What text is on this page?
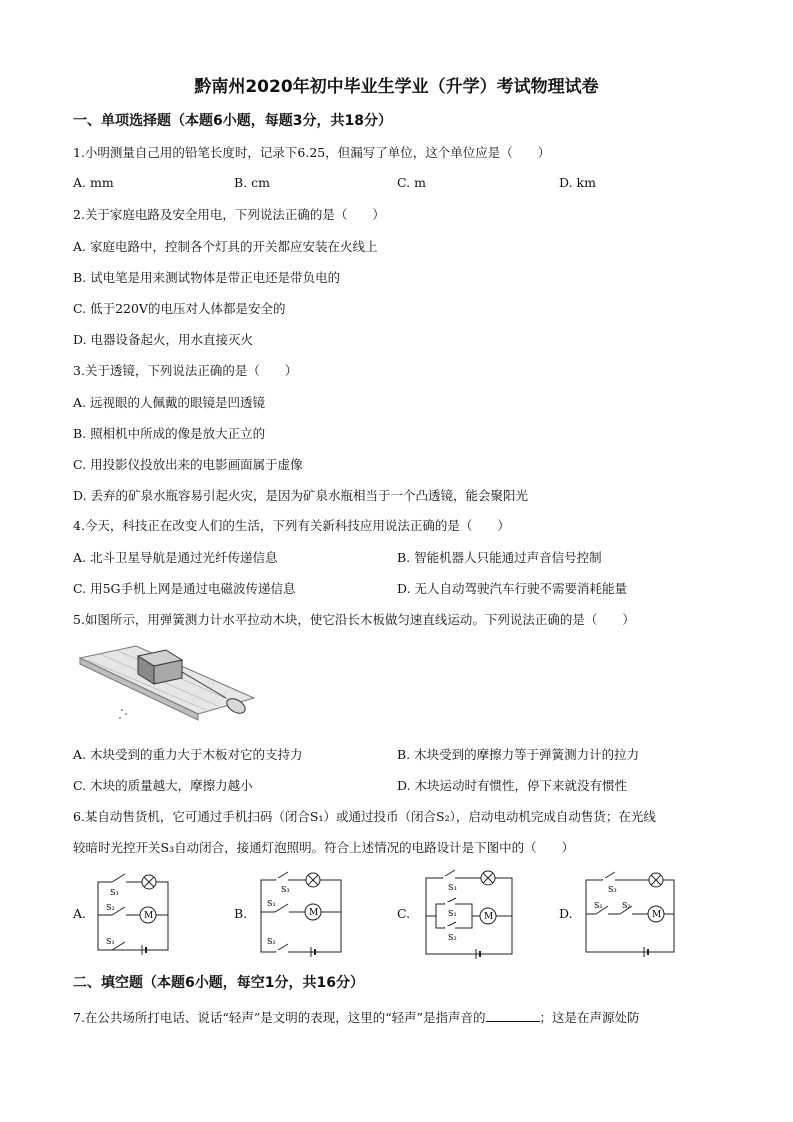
黔南州2020年初中毕业生学业（升学）考试物理试卷
一、单项选择题（本题6小题，每题3分，共18分）
1.小明测量自己用的铅笔长度时，记录下6.25，但漏写了单位，这个单位应是（　　）
A. mm	B. cm	C. m	D. km
2.关于家庭电路及安全用电，下列说法正确的是（　　）
A. 家庭电路中，控制各个灯具的开关都应安装在火线上
B. 试电笔是用来测试物体是带正电还是带负电的
C. 低于220V的电压对人体都是安全的
D. 电器设备起火，用水直接灭火
3.关于透镜，下列说法正确的是（　　）
A. 远视眼的人佩戴的眼镜是凹透镜
B. 照相机中所成的像是放大正立的
C. 用投影仪投放出来的电影画面属于虚像
D. 丢弃的矿泉水瓶容易引起火灾，是因为矿泉水瓶相当于一个凸透镜，能会聚阳光
4.今天，科技正在改变人们的生活，下列有关新科技应用说法正确的是（　　）
A. 北斗卫星导航是通过光纤传递信息	B. 智能机器人只能通过声音信号控制
C. 用5G手机上网是通过电磁波传递信息	D. 无人自动驾驶汽车行驶不需要消耗能量
5.如图所示，用弹簧测力计水平拉动木块，使它沿长木板做匀速直线运动。下列说法正确的是（　　）
A. 木块受到的重力大于木板对它的支持力	B. 木块受到的摩擦力等于弹簧测力计的拉力
C. 木块的质量越大，摩擦力越小	D. 木块运动时有惯性，停下来就没有惯性
6.某自动售货机，它可通过手机扫码（闭合S₁）或通过投币（闭合S₂），启动电动机完成自动售货；在光线
较暗时光控开关S₃自动闭合，接通灯泡照明。符合上述情况的电路设计是下图中的（　　）
A.
S₃
S₂
M
S₁
B.
S₃
S₁
M
S₂
C.
S₃
S₁
S₂
M	D.
S₃
S₁ S₂
M
二、填空题（本题6小题，每空1分，共16分）
7.在公共场所打电话、说话“轻声”是文明的表现，这里的“轻声”是指声音的	；这是在声源处防
